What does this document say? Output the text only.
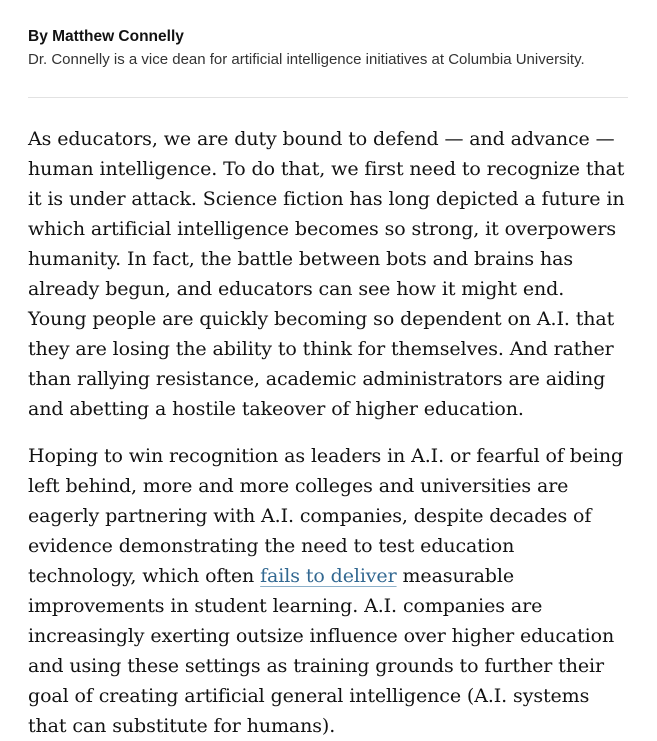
By Matthew Connelly
Dr. Connelly is a vice dean for artificial intelligence initiatives at Columbia University.

As educators, we are duty bound to defend — and advance — human intelligence. To do that, we first need to recognize that it is under attack. Science fiction has long depicted a future in which artificial intelligence becomes so strong, it overpowers humanity. In fact, the battle between bots and brains has already begun, and educators can see how it might end. Young people are quickly becoming so dependent on A.I. that they are losing the ability to think for themselves. And rather than rallying resistance, academic administrators are aiding and abetting a hostile takeover of higher education.

Hoping to win recognition as leaders in A.I. or fearful of being left behind, more and more colleges and universities are eagerly partnering with A.I. companies, despite decades of evidence demonstrating the need to test education technology, which often fails to deliver measurable improvements in student learning. A.I. companies are increasingly exerting outsize influence over higher education and using these settings as training grounds to further their goal of creating artificial general intelligence (A.I. systems that can substitute for humans).
